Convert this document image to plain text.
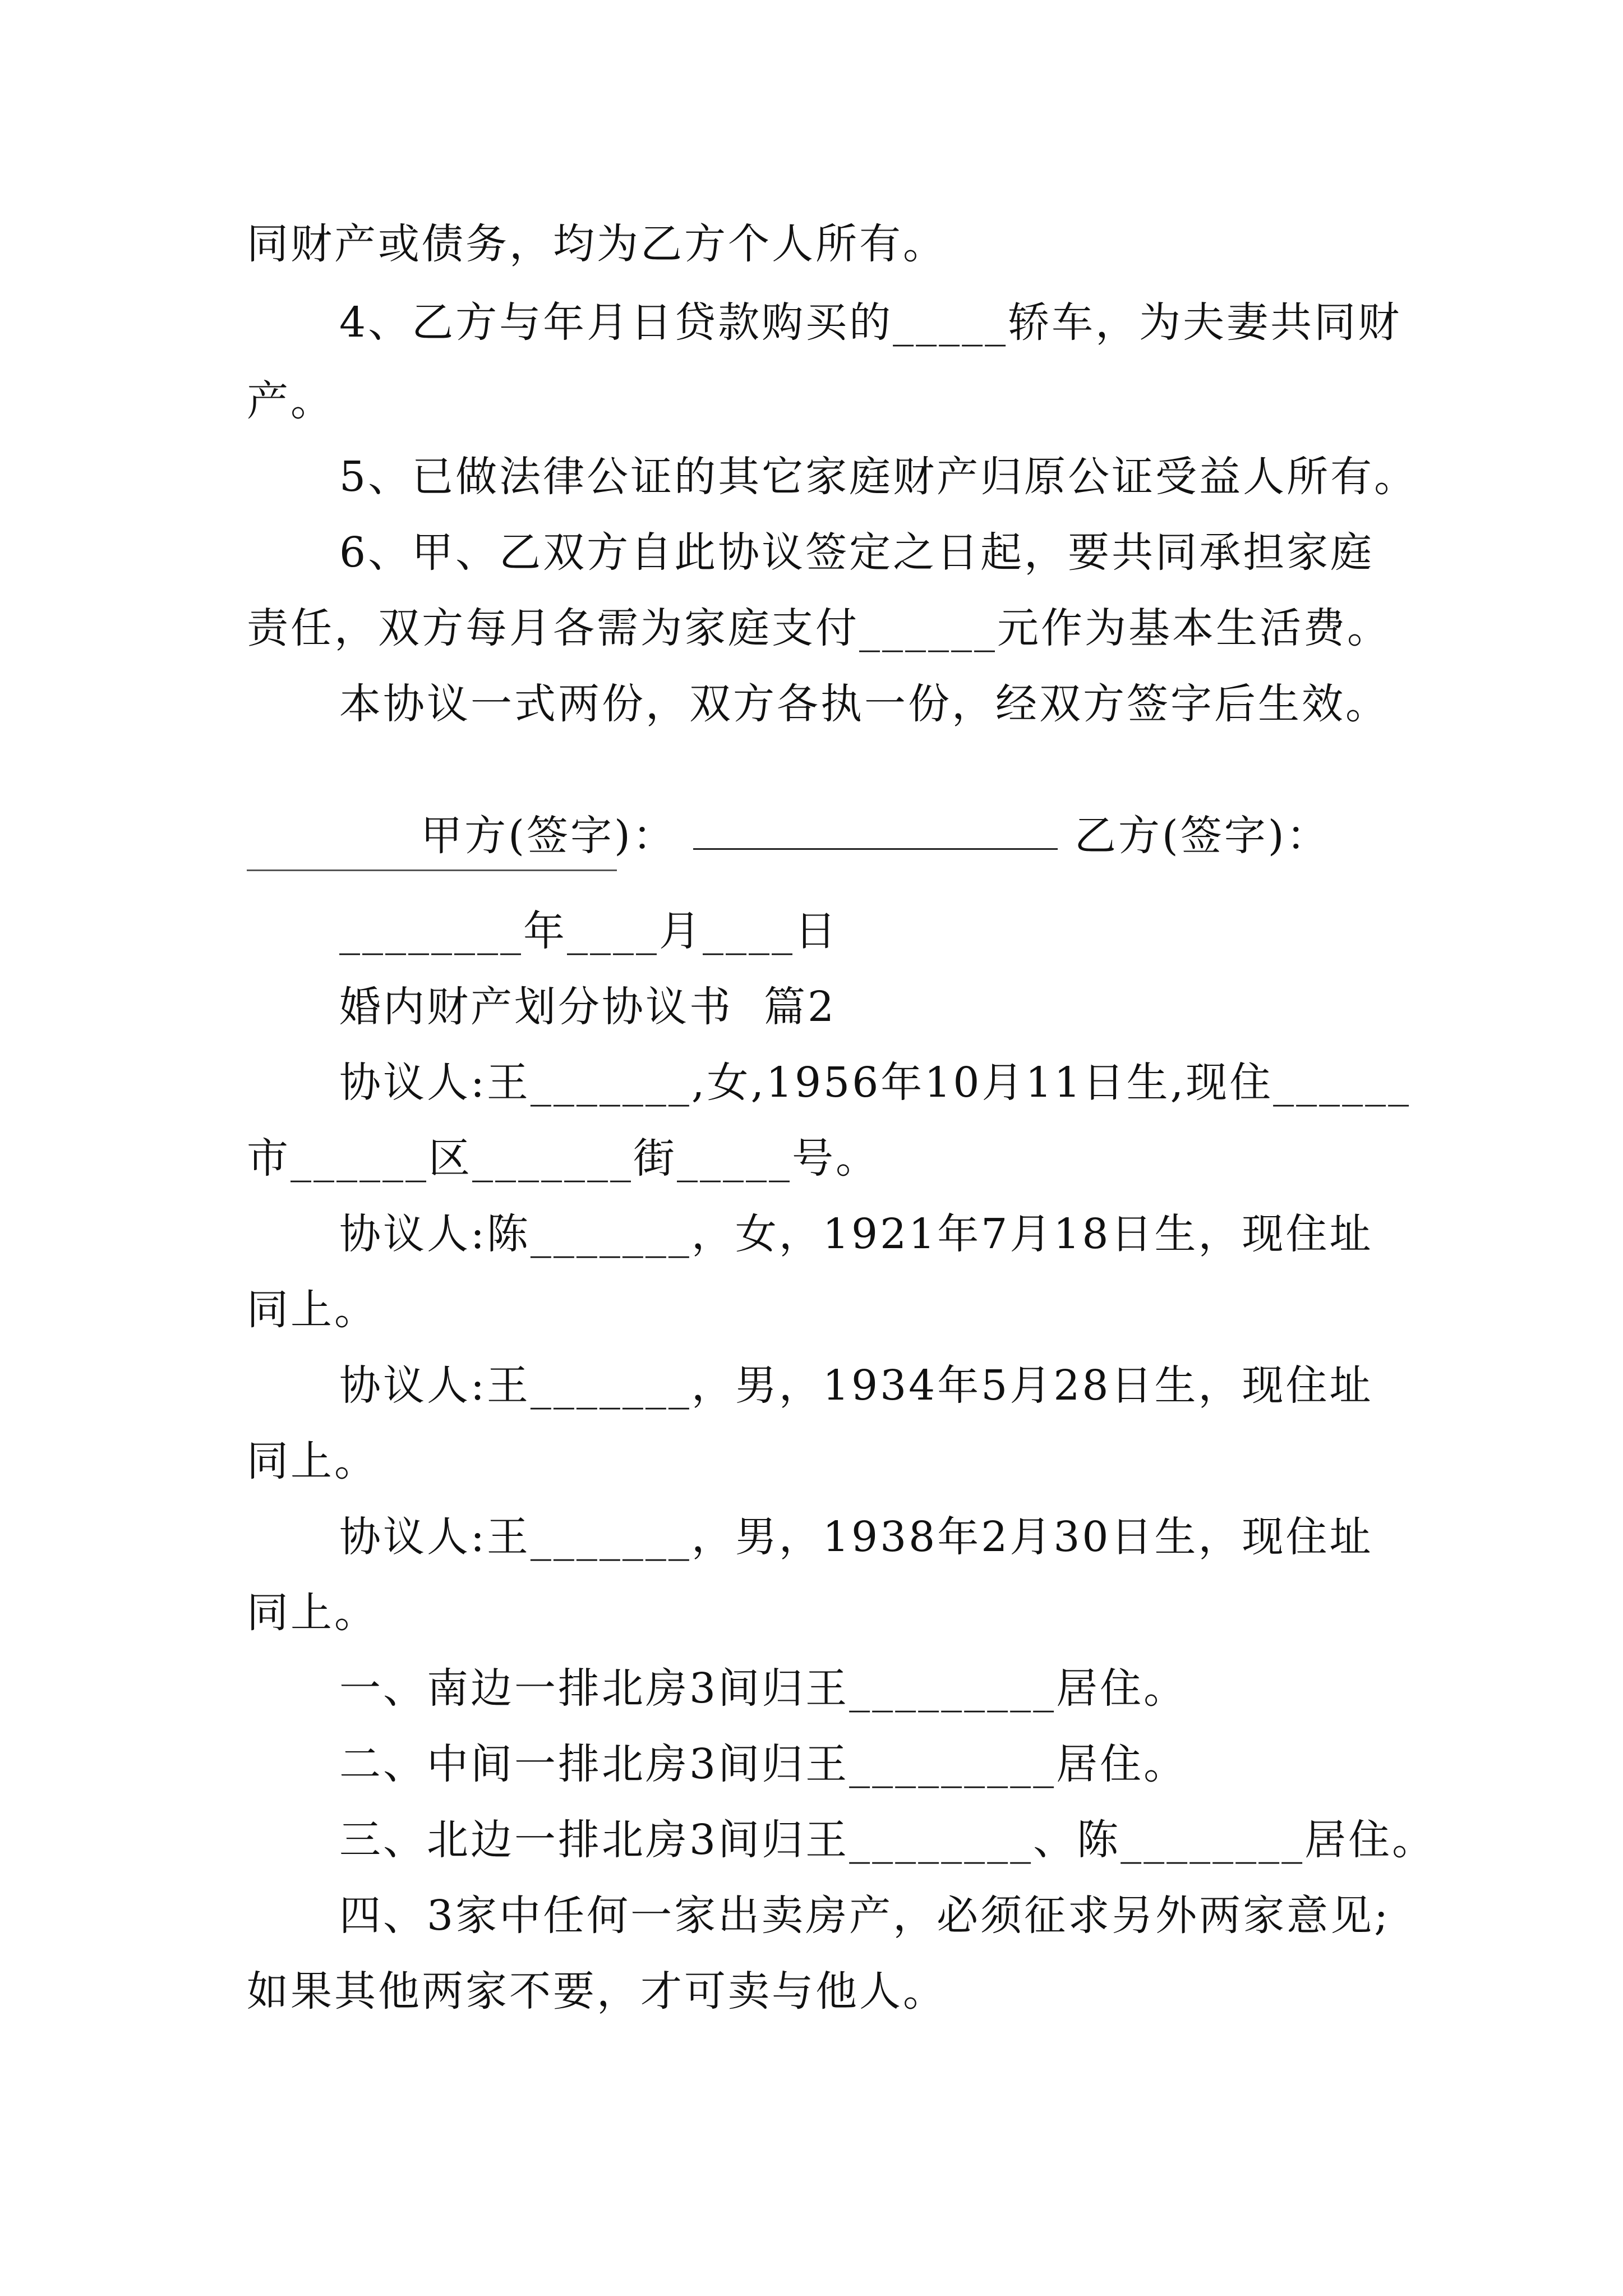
同财产或债务，均为乙方个人所有。
4、乙方与年月日贷款购买的_____轿车，为夫妻共同财
产。
5、已做法律公证的其它家庭财产归原公证受益人所有。
6、甲、乙双方自此协议签定之日起，要共同承担家庭
责任，双方每月各需为家庭支付______元作为基本生活费。
本协议一式两份，双方各执一份，经双方签字后生效。

甲方(签字)：	乙方(签字)：

________年____月____日
婚内财产划分协议书  篇2
协议人:王_______,女,1956年10月11日生,现住______
市______区_______街_____号。
协议人:陈_______，女，1921年7月18日生，现住址
同上。
协议人:王_______，男，1934年5月28日生，现住址
同上。
协议人:王_______，男，1938年2月30日生，现住址
同上。
一、南边一排北房3间归王_________居住。
二、中间一排北房3间归王_________居住。
三、北边一排北房3间归王________、陈________居住。
四、3家中任何一家出卖房产，必须征求另外两家意见;
如果其他两家不要，才可卖与他人。
